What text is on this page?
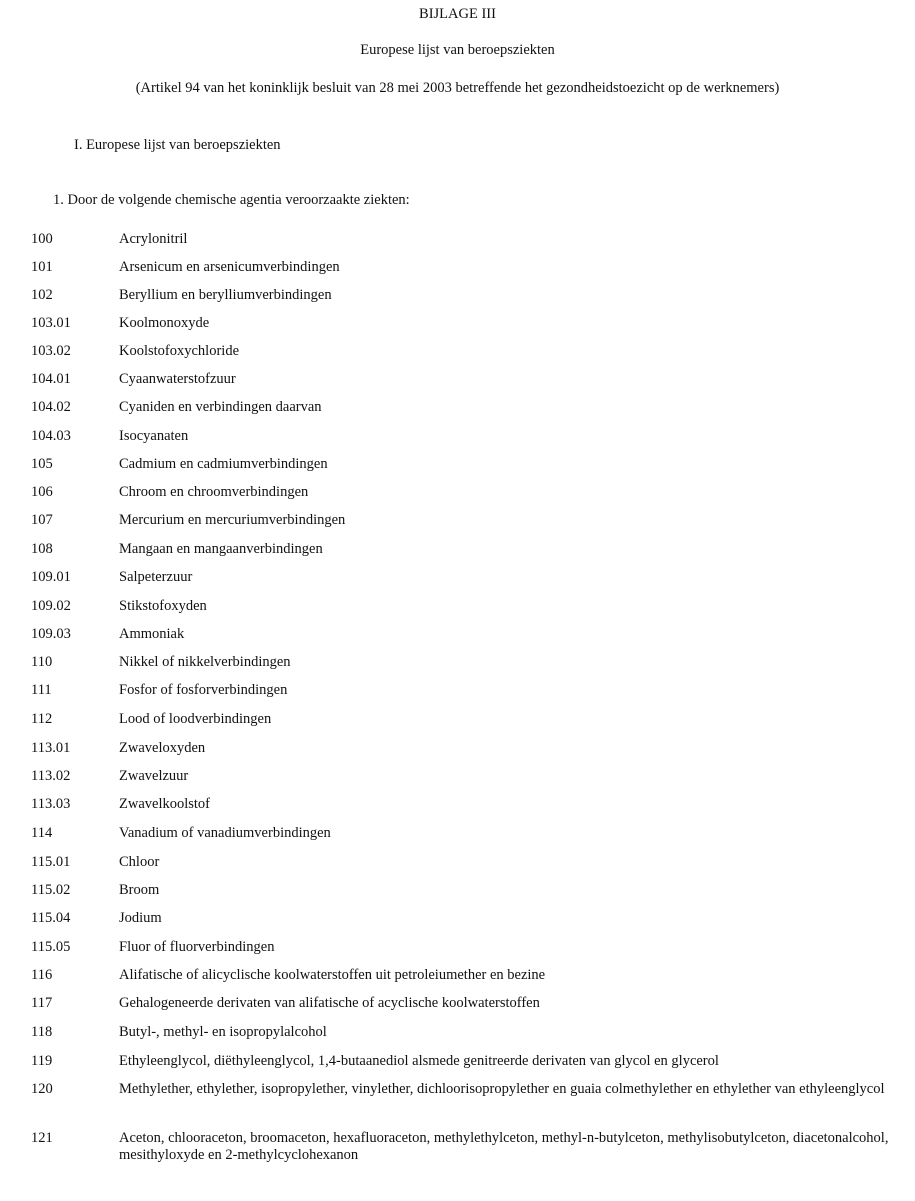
BIJLAGE III
Europese lijst van beroepsziekten
(Artikel 94 van het koninklijk besluit van 28 mei 2003 betreffende het gezondheidstoezicht op de werknemers)
I. Europese lijst van beroepsziekten
1. Door de volgende chemische agentia veroorzaakte ziekten:
100	Acrylonitril
101	Arsenicum en arsenicumverbindingen
102	Beryllium en berylliumverbindingen
103.01	Koolmonoxyde
103.02	Koolstofoxychloride
104.01	Cyaanwaterstofzuur
104.02	Cyaniden en verbindingen daarvan
104.03	Isocyanaten
105	Cadmium en cadmiumverbindingen
106	Chroom en chroomverbindingen
107	Mercurium en mercuriumverbindingen
108	Mangaan en mangaanverbindingen
109.01	Salpeterzuur
109.02	Stikstofoxyden
109.03	Ammoniak
110	Nikkel of nikkelverbindingen
111	Fosfor of fosforverbindingen
112	Lood of loodverbindingen
113.01	Zwaveloxyden
113.02	Zwavelzuur
113.03	Zwavelkoolstof
114	Vanadium of vanadiumverbindingen
115.01	Chloor
115.02	Broom
115.04	Jodium
115.05	Fluor of fluorverbindingen
116	Alifatische of alicyclische koolwaterstoffen uit petroleiumether en bezine
117	Gehalogeneerde derivaten van alifatische of acyclische koolwaterstoffen
118	Butyl-, methyl- en isopropylalcohol
119	Ethyleenglycol, diëthyleenglycol, 1,4-butaanediol alsmede genitreerde derivaten van glycol en glycerol
120	Methylether, ethylether, isopropylether, vinylether, dichloorisopropylether en guaia colmethylether en ethylether van ethyleenglycol
121	Aceton, chlooraceton, broomaceton, hexafluoraceton, methylethylceton, methyl-n-butylceton, methylisobutylceton, diacetonalcohol, mesithyloxyde en 2-methylcyclohexanon
